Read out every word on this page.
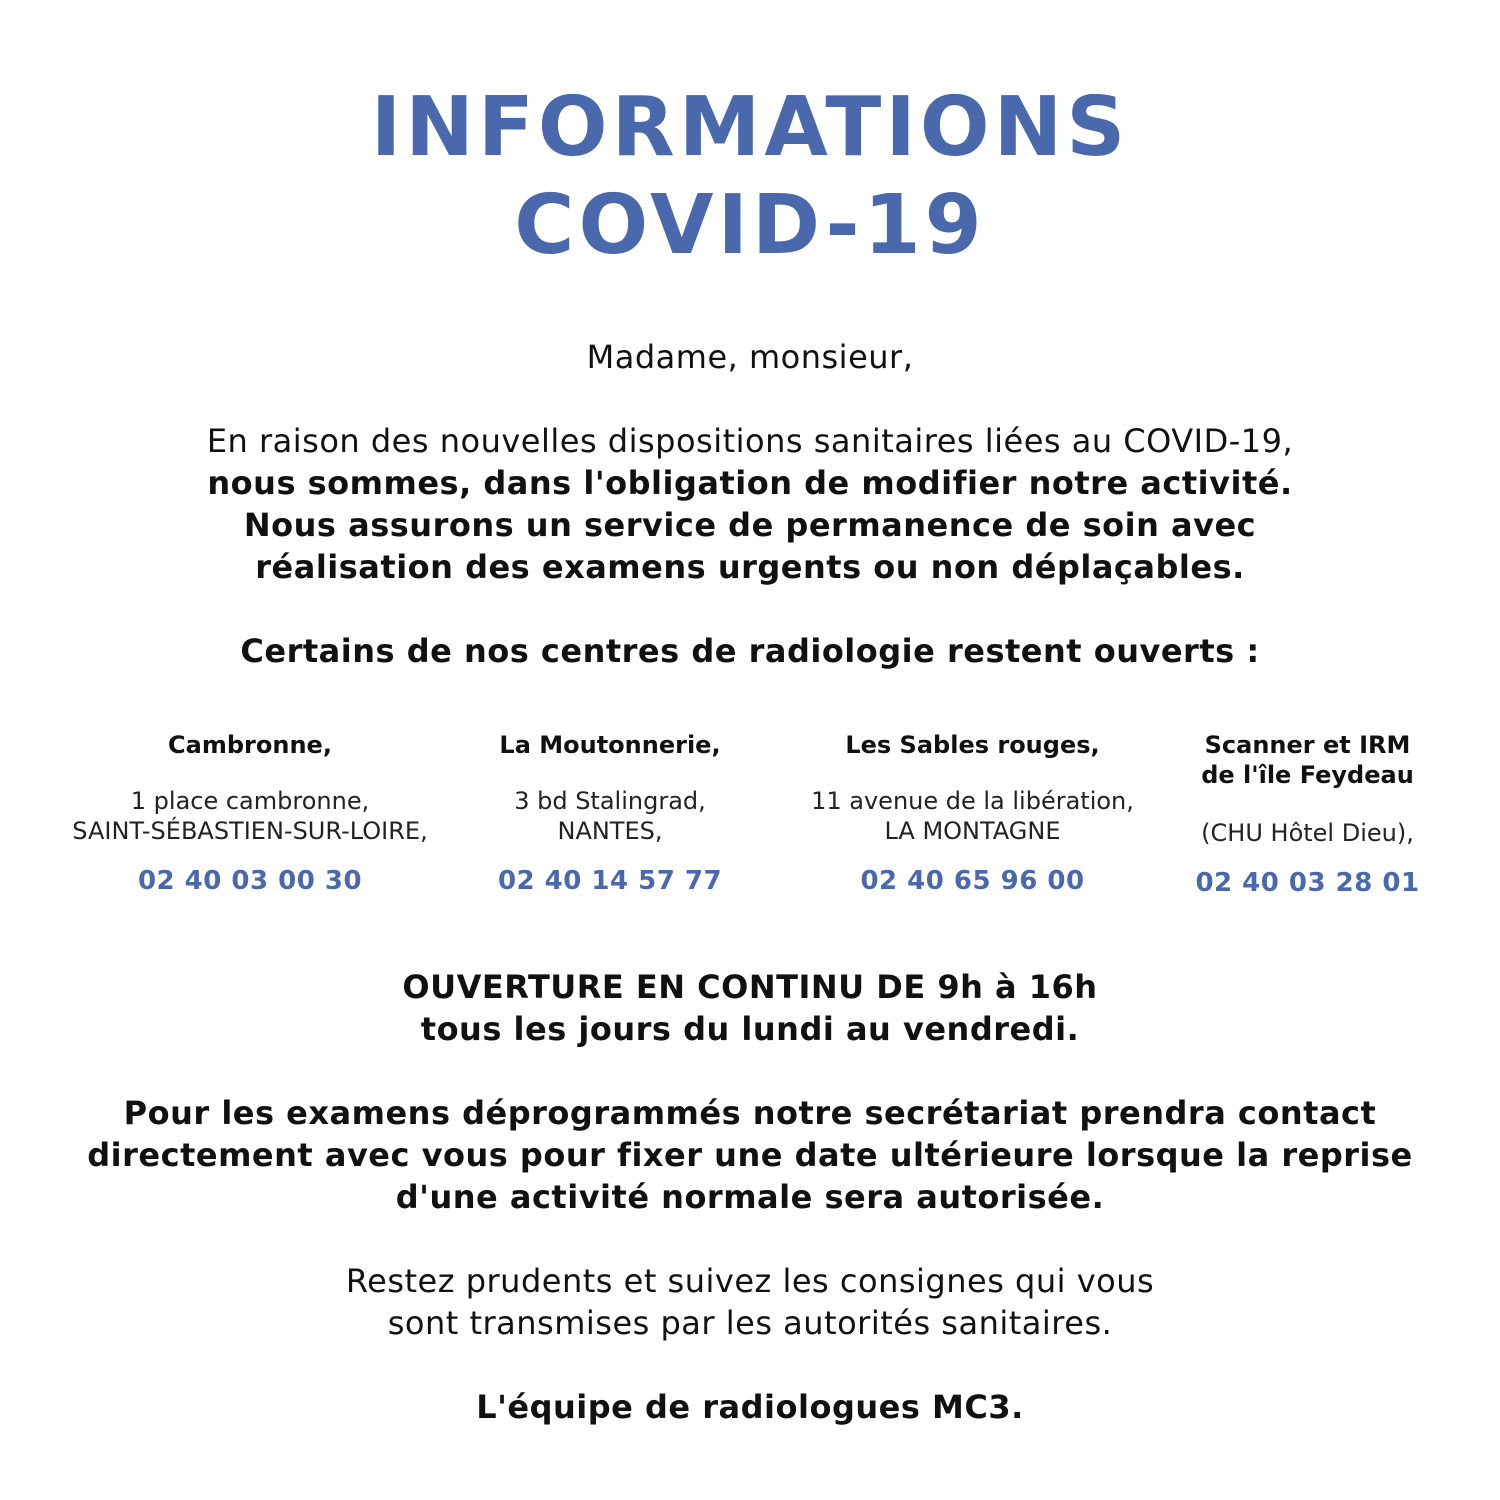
INFORMATIONS
COVID-19

Madame, monsieur,

En raison des nouvelles dispositions sanitaires liées au COVID-19,

nous sommes, dans l'obligation de modifier notre activité.

Nous assurons un service de permanence de soin avec

réalisation des examens urgents ou non déplaçables.

Certains de nos centres de radiologie restent ouverts :

Cambronne,

1 place cambronne,

SAINT-SÉBASTIEN-SUR-LOIRE,

02 40 03 00 30

La Moutonnerie,

3 bd Stalingrad,

NANTES,

02 40 14 57 77

Les Sables rouges,

11 avenue de la libération,

LA MONTAGNE

02 40 65 96 00

Scanner et IRM

de l'île Feydeau

(CHU Hôtel Dieu),

02 40 03 28 01

OUVERTURE EN CONTINU DE 9h à 16h

tous les jours du lundi au vendredi.

Pour les examens déprogrammés notre secrétariat prendra contact

directement avec vous pour fixer une date ultérieure lorsque la reprise

d'une activité normale sera autorisée.

Restez prudents et suivez les consignes qui vous

sont transmises par les autorités sanitaires.

L'équipe de radiologues MC3.
